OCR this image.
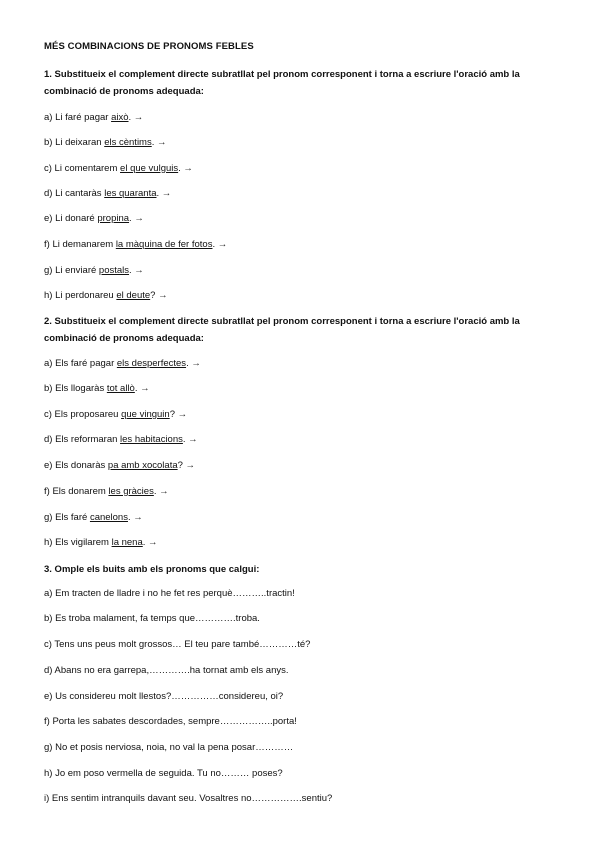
MÉS COMBINACIONS DE PRONOMS FEBLES
1. Substitueix el complement directe subratllat pel pronom corresponent i torna a escriure l'oració amb la combinació de pronoms adequada:
a) Li faré pagar això. →
b) Li deixaran els cèntims. →
c) Li comentarem el que vulguis. →
d) Li cantaràs les quaranta. →
e) Li donaré propina. →
f) Li demanarem la màquina de fer fotos. →
g) Li enviaré postals. →
h) Li perdonareu el deute? →
2. Substitueix el complement directe subratllat pel pronom corresponent i torna a escriure l'oració amb la combinació de pronoms adequada:
a) Els faré pagar els desperfectes. →
b) Els llogaràs tot allò. →
c) Els proposareu que vinguin? →
d) Els reformaran les habitacions. →
e) Els donaràs pa amb xocolata? →
f) Els donarem les gràcies. →
g) Els faré canelons. →
h) Els vigilarem la nena. →
3. Omple els buits amb els pronoms que calgui:
a) Em tracten de lladre i no he fet res perquè………..tractin!
b) Es troba malament, fa temps que………….troba.
c) Tens uns peus molt grossos… El teu pare també…………té?
d) Abans no era garrepa,………….ha tornat amb els anys.
e) Us considereu molt llestos?……………considereu, oi?
f) Porta les sabates descordades, sempre……………..porta!
g) No et posis nerviosa, noia, no val la pena posar…………
h) Jo em poso vermella de seguida. Tu no……… poses?
i) Ens sentim intranquils davant seu. Vosaltres no…………….sentiu?
